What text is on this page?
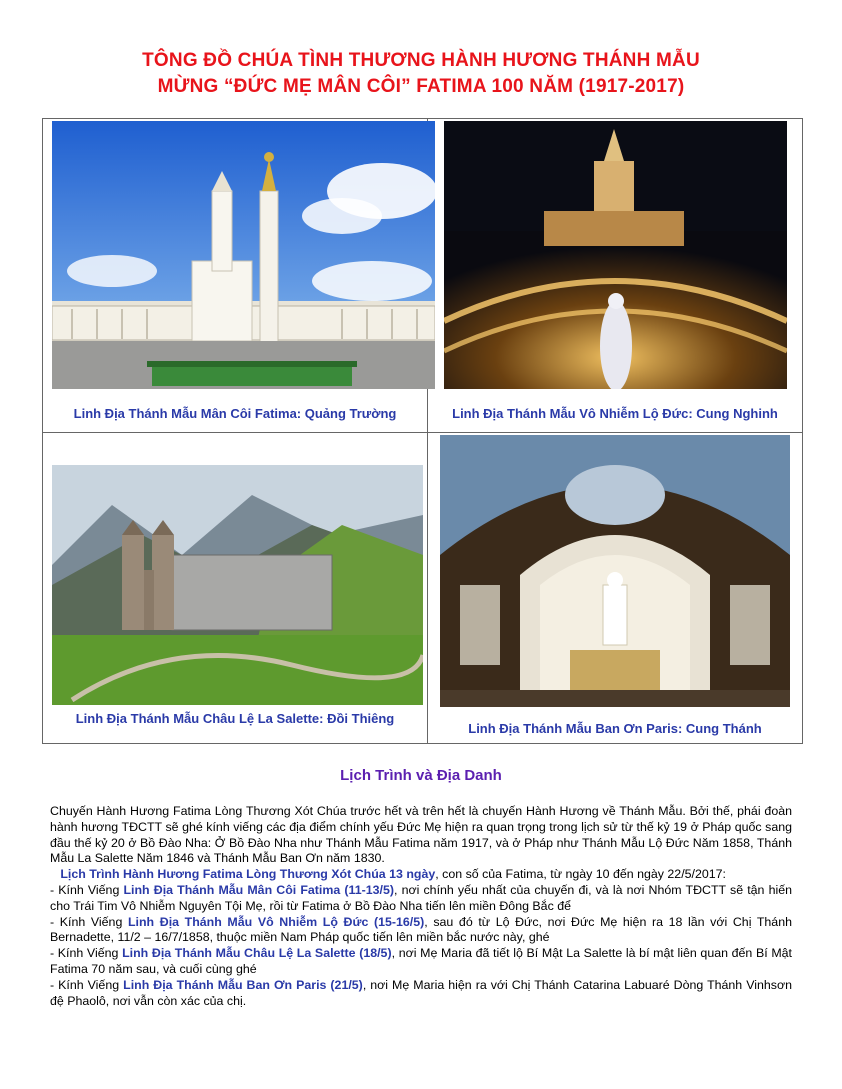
TÔNG ĐỒ CHÚA TÌNH THƯƠNG HÀNH HƯƠNG THÁNH MẪU
MỪNG “ĐỨC MẸ MÂN CÔI” FATIMA 100 NĂM (1917-2017)
Linh Địa Thánh Mẫu Mân Côi Fatima: Quảng Trường	Linh Địa Thánh Mẫu Vô Nhiễm Lộ Đức: Cung Nghinh
Linh Địa Thánh Mẫu Châu Lệ La Salette: Đồi Thiêng
Linh Địa Thánh Mẫu Ban Ơn Paris: Cung Thánh
Lịch Trình và Địa Danh

Chuyến Hành Hương Fatima Lòng Thương Xót Chúa trước hết và trên hết là chuyến Hành Hương về Thánh Mẫu. Bởi thế, phái đoàn hành hương TĐCTT sẽ ghé kính viếng các địa điểm chính yếu Đức Mẹ hiện ra quan trọng trong lịch sử từ thế kỷ 19 ở Pháp quốc sang đầu thế kỷ 20 ở Bồ Đào Nha: Ở Bồ Đào Nha như Thánh Mẫu Fatima năm 1917, và ở Pháp như Thánh Mẫu Lộ Đức Năm 1858, Thánh Mẫu La Salette Năm 1846 và Thánh Mẫu Ban Ơn năm 1830.

Lịch Trình Hành Hương Fatima Lòng Thương Xót Chúa 13 ngày, con số của Fatima, từ ngày 10 đến ngày 22/5/2017:

- Kính Viếng Linh Địa Thánh Mẫu Mân Côi Fatima (11-13/5), nơi chính yếu nhất của chuyến đi, và là nơi Nhóm TĐCTT sẽ tận hiến cho Trái Tim Vô Nhiễm Nguyên Tội Mẹ, rồi từ Fatima ở Bồ Đào Nha tiến lên miền Đông Bắc để

- Kính Viếng Linh Địa Thánh Mẫu Vô Nhiễm Lộ Đức (15-16/5), sau đó từ Lộ Đức, nơi Đức Mẹ hiện ra 18 lần với Chị Thánh Bernadette, 11/2 – 16/7/1858, thuộc miền Nam Pháp quốc tiến lên miền bắc nước này, ghé

- Kính Viếng Linh Địa Thánh Mẫu Châu Lệ La Salette (18/5), nơi Mẹ Maria đã tiết lộ Bí Mật La Salette là bí mật liên quan đến Bí Mật Fatima 70 năm sau, và cuối cùng ghé

- Kính Viếng Linh Địa Thánh Mẫu Ban Ơn Paris (21/5), nơi Mẹ Maria hiện ra với Chị Thánh Catarina Labuaré Dòng Thánh Vinhsơn đệ Phaolô, nơi vẫn còn xác của chị.
